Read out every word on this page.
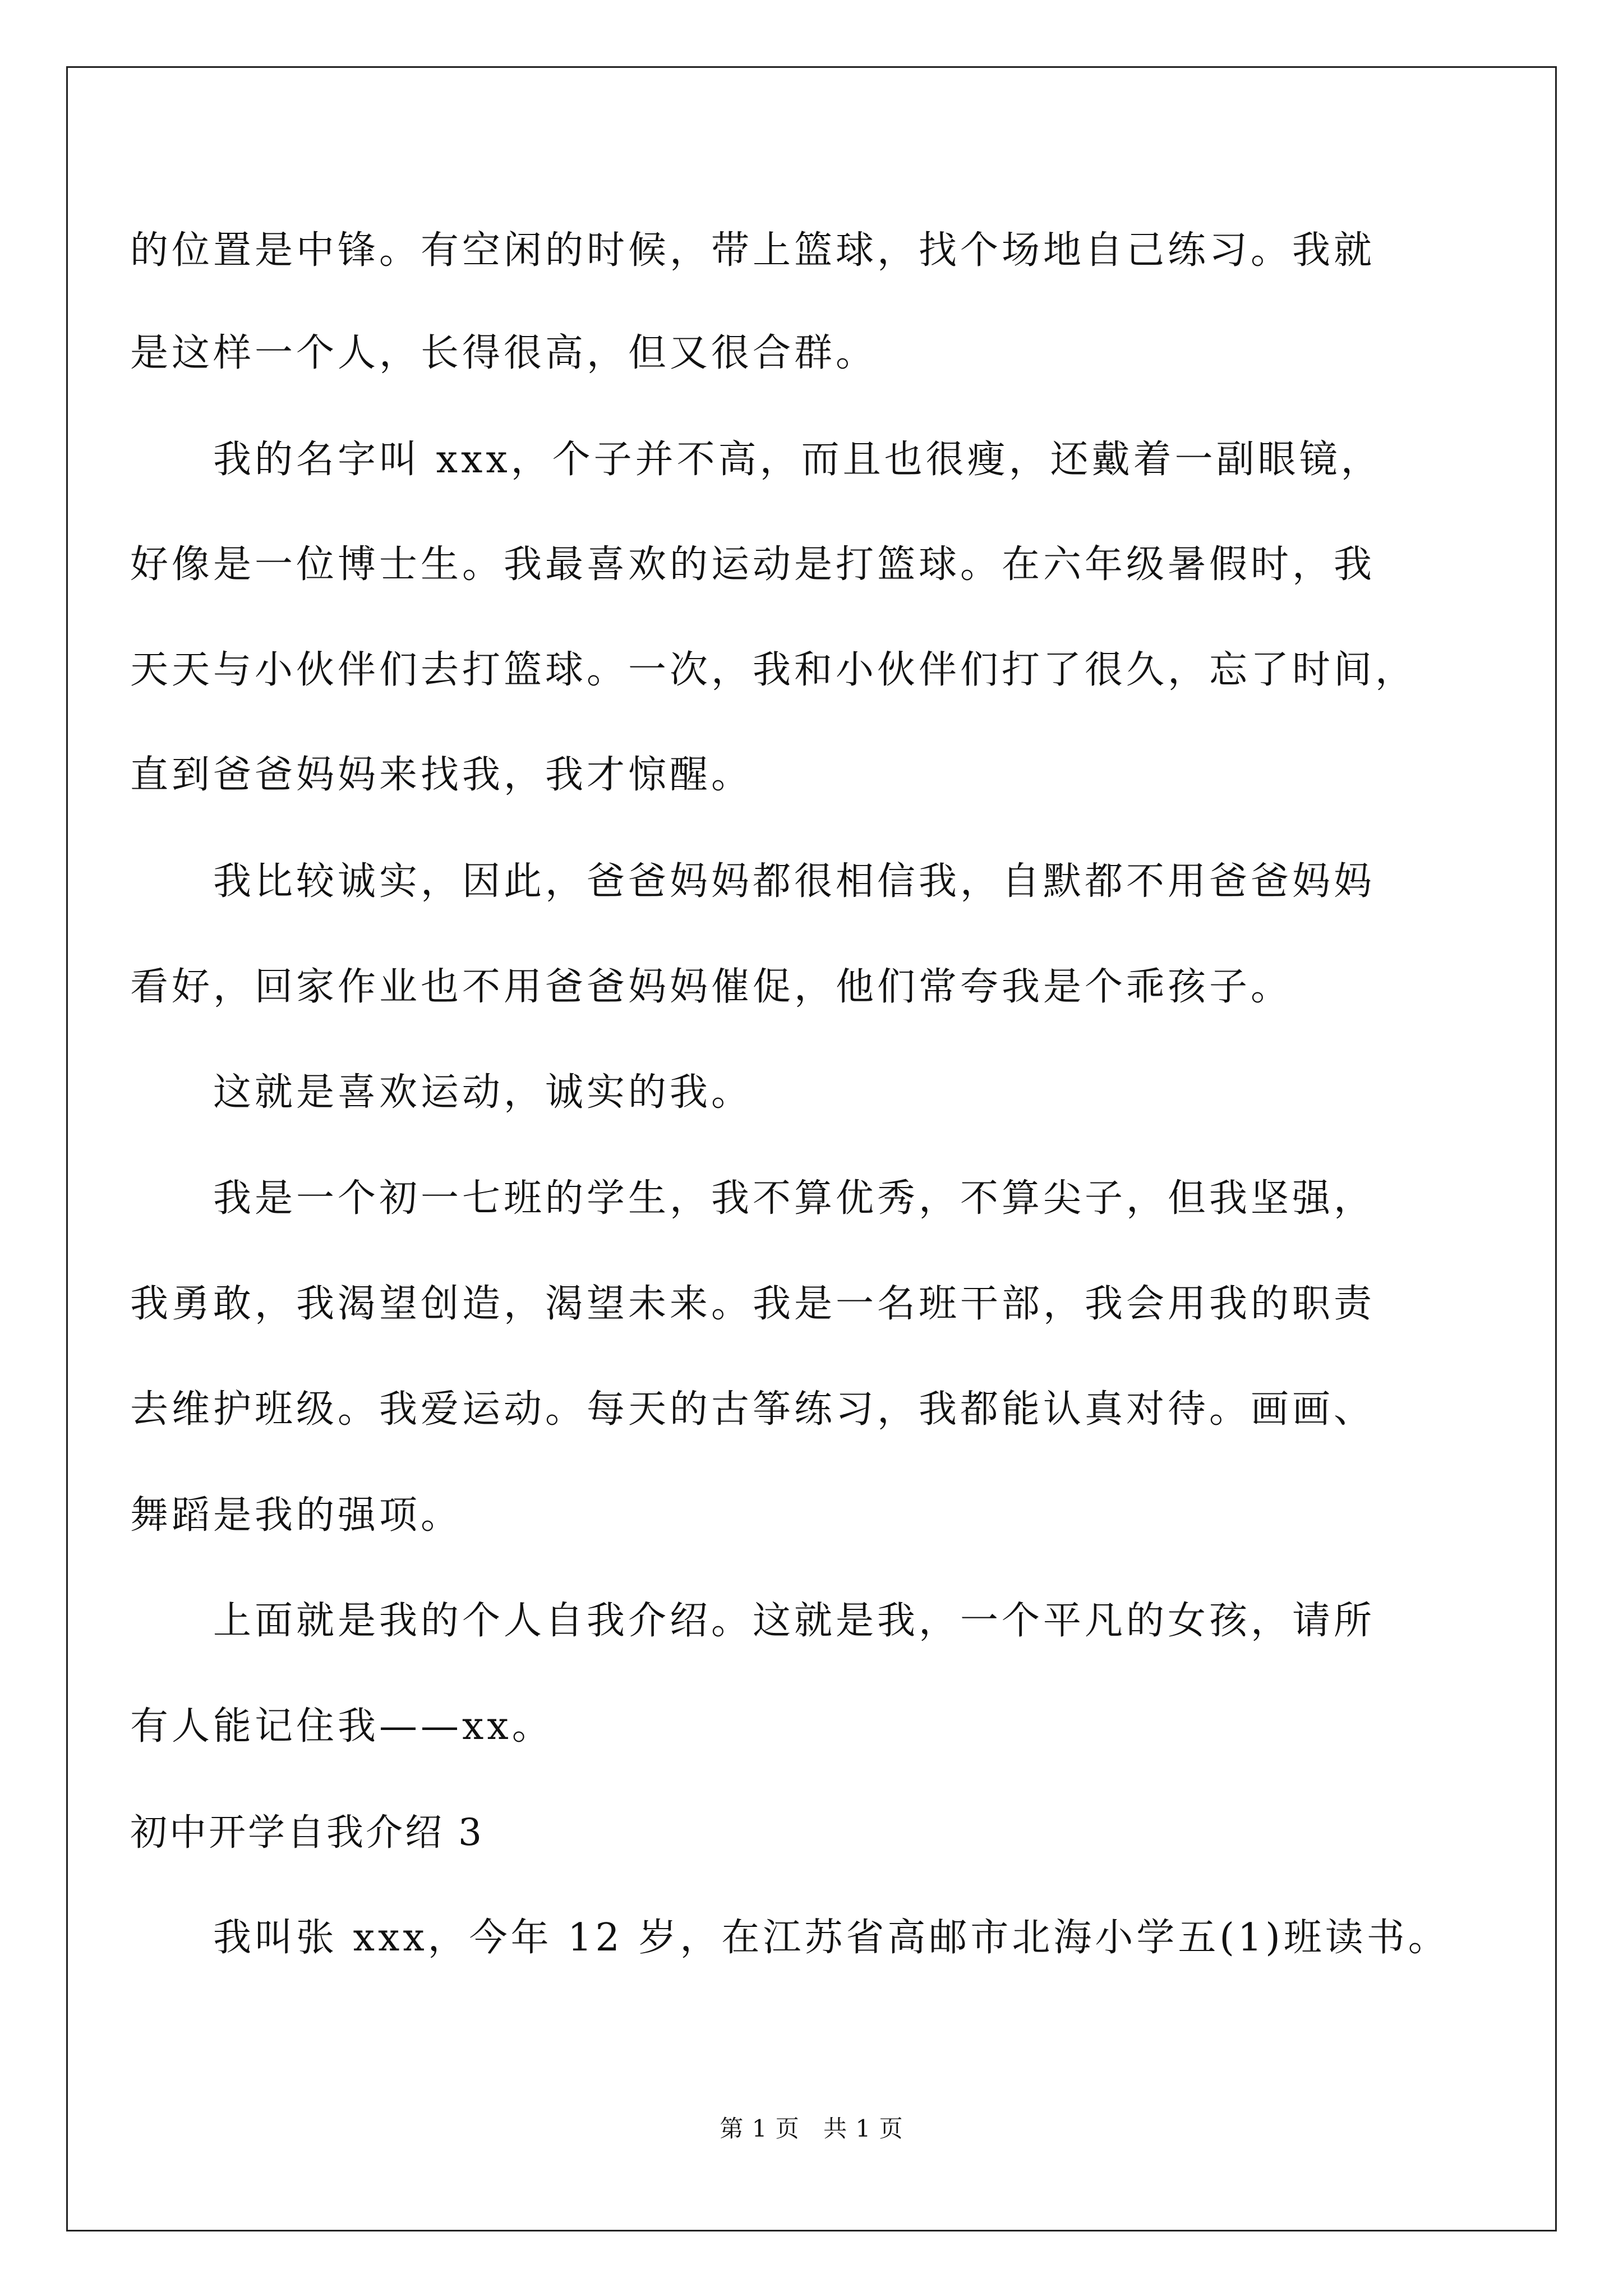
的位置是中锋。有空闲的时候，带上篮球，找个场地自己练习。我就
是这样一个人，长得很高，但又很合群。
我的名字叫 xxx，个子并不高，而且也很瘦，还戴着一副眼镜，
好像是一位博士生。我最喜欢的运动是打篮球。在六年级暑假时，我
天天与小伙伴们去打篮球。一次，我和小伙伴们打了很久，忘了时间，
直到爸爸妈妈来找我，我才惊醒。
我比较诚实，因此，爸爸妈妈都很相信我，自默都不用爸爸妈妈
看好，回家作业也不用爸爸妈妈催促，他们常夸我是个乖孩子。
这就是喜欢运动，诚实的我。
我是一个初一七班的学生，我不算优秀，不算尖子，但我坚强，
我勇敢，我渴望创造，渴望未来。我是一名班干部，我会用我的职责
去维护班级。我爱运动。每天的古筝练习，我都能认真对待。画画、
舞蹈是我的强项。
上面就是我的个人自我介绍。这就是我，一个平凡的女孩，请所
有人能记住我——xx。
初中开学自我介绍 3
我叫张 xxx，今年 12 岁，在江苏省高邮市北海小学五(1)班读书。
第 1 页 共 1 页
